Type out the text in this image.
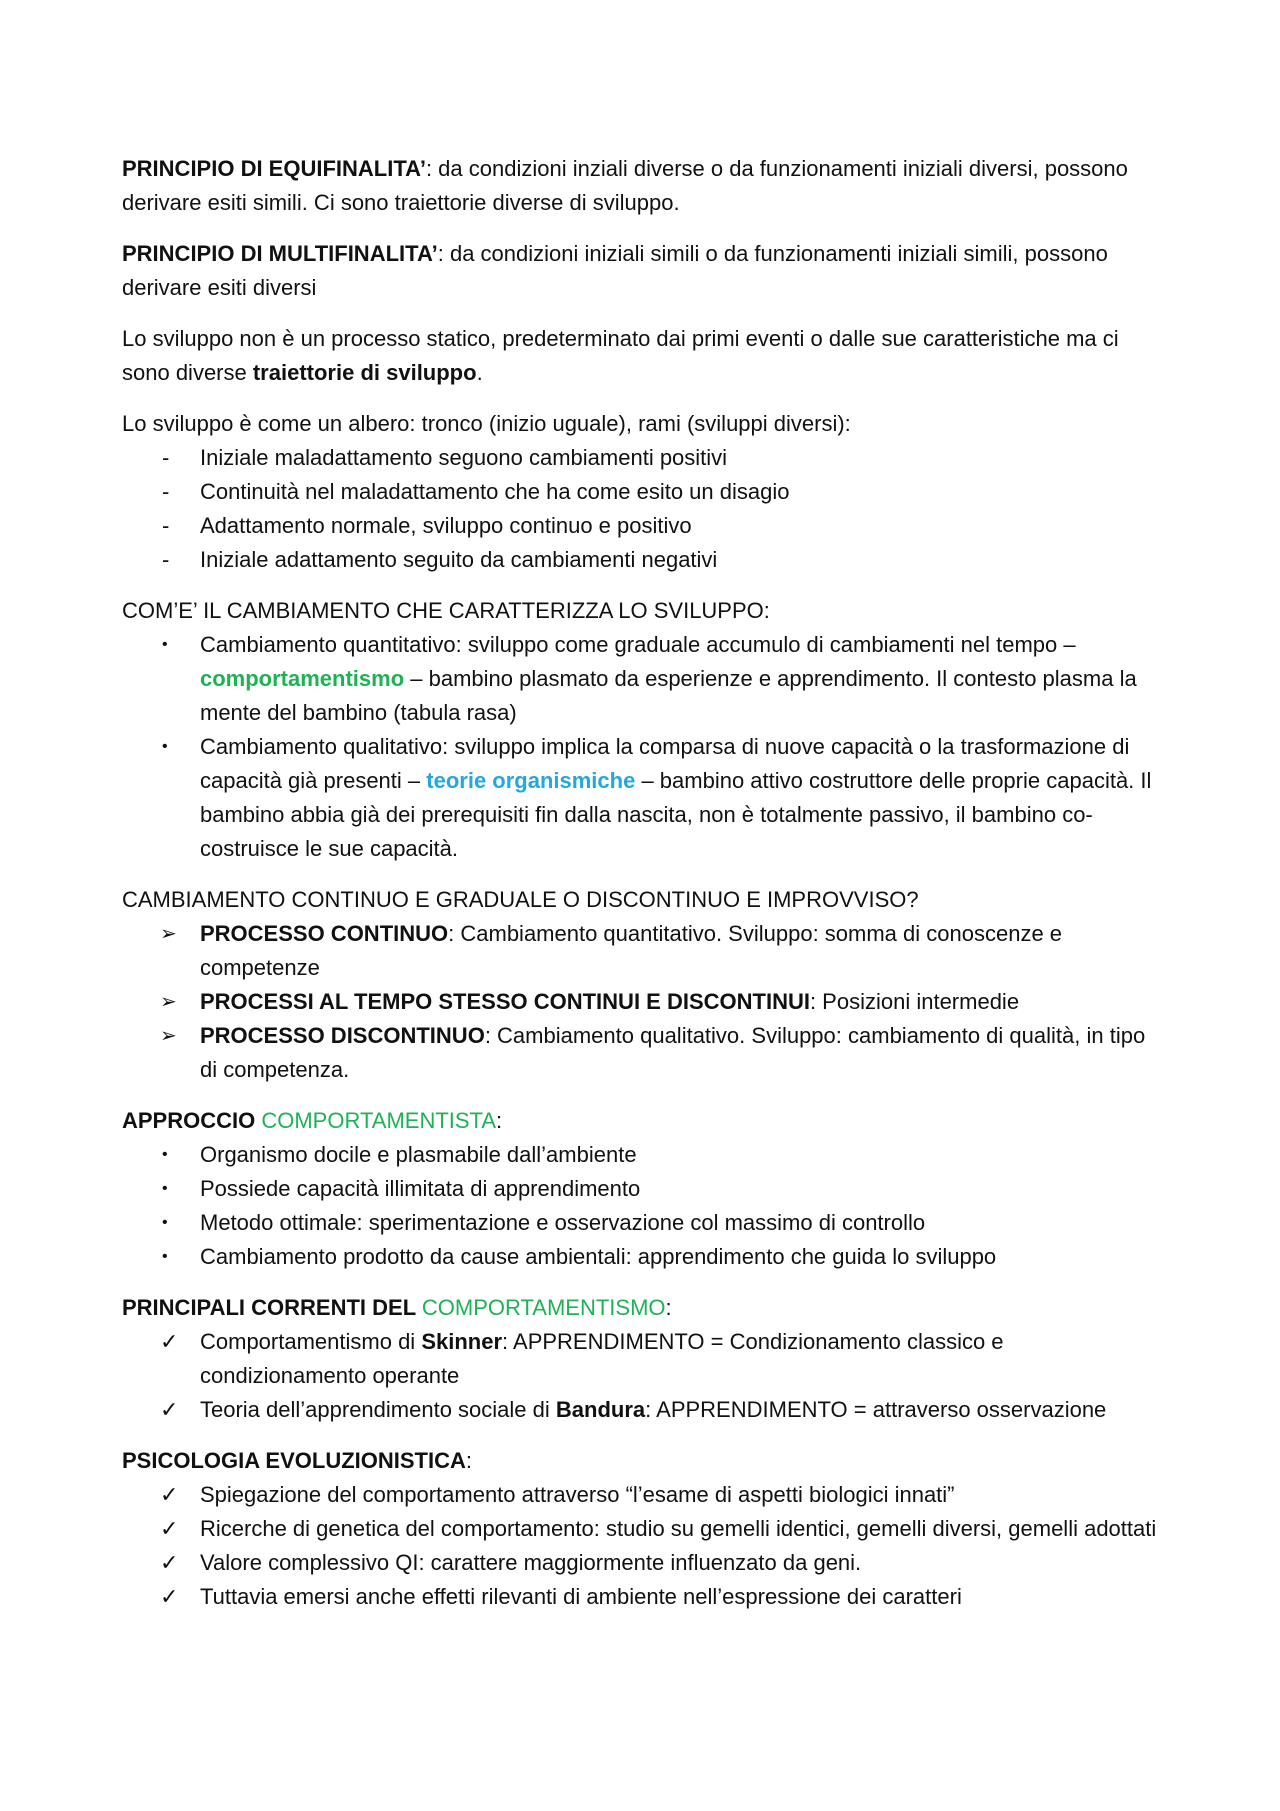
PRINCIPIO DI EQUIFINALITA’: da condizioni inziali diverse o da funzionamenti iniziali diversi, possono derivare esiti simili. Ci sono traiettorie diverse di sviluppo.

PRINCIPIO DI MULTIFINALITA’: da condizioni iniziali simili o da funzionamenti iniziali simili, possono derivare esiti diversi

Lo sviluppo non è un processo statico, predeterminato dai primi eventi o dalle sue caratteristiche ma ci sono diverse traiettorie di sviluppo.

Lo sviluppo è come un albero: tronco (inizio uguale), rami (sviluppi diversi):

-	Iniziale maladattamento seguono cambiamenti positivi
-	Continuità nel maladattamento che ha come esito un disagio
-	Adattamento normale, sviluppo continuo e positivo
-	Iniziale adattamento seguito da cambiamenti negativi

COM’E’ IL CAMBIAMENTO CHE CARATTERIZZA LO SVILUPPO:

•	Cambiamento quantitativo: sviluppo come graduale accumulo di cambiamenti nel tempo – comportamentismo – bambino plasmato da esperienze e apprendimento. Il contesto plasma la mente del bambino (tabula rasa)
•	Cambiamento qualitativo: sviluppo implica la comparsa di nuove capacità o la trasformazione di capacità già presenti – teorie organismiche – bambino attivo costruttore delle proprie capacità. Il bambino abbia già dei prerequisiti fin dalla nascita, non è totalmente passivo, il bambino co-costruisce le sue capacità.

CAMBIAMENTO CONTINUO E GRADUALE O DISCONTINUO E IMPROVVISO?

➢	PROCESSO CONTINUO: Cambiamento quantitativo. Sviluppo: somma di conoscenze e competenze
➢	PROCESSI AL TEMPO STESSO CONTINUI E DISCONTINUI: Posizioni intermedie
➢	PROCESSO DISCONTINUO: Cambiamento qualitativo. Sviluppo: cambiamento di qualità, in tipo di competenza.

APPROCCIO COMPORTAMENTISTA:

•	Organismo docile e plasmabile dall’ambiente
•	Possiede capacità illimitata di apprendimento
•	Metodo ottimale: sperimentazione e osservazione col massimo di controllo
•	Cambiamento prodotto da cause ambientali: apprendimento che guida lo sviluppo

PRINCIPALI CORRENTI DEL COMPORTAMENTISMO:

✓ Comportamentismo di Skinner: APPRENDIMENTO = Condizionamento classico e condizionamento operante
✓ Teoria dell’apprendimento sociale di Bandura: APPRENDIMENTO = attraverso osservazione

PSICOLOGIA EVOLUZIONISTICA:

✓ Spiegazione del comportamento attraverso “l’esame di aspetti biologici innati”
✓ Ricerche di genetica del comportamento: studio su gemelli identici, gemelli diversi, gemelli adottati
✓ Valore complessivo QI: carattere maggiormente influenzato da geni.
✓ Tuttavia emersi anche effetti rilevanti di ambiente nell’espressione dei caratteri
